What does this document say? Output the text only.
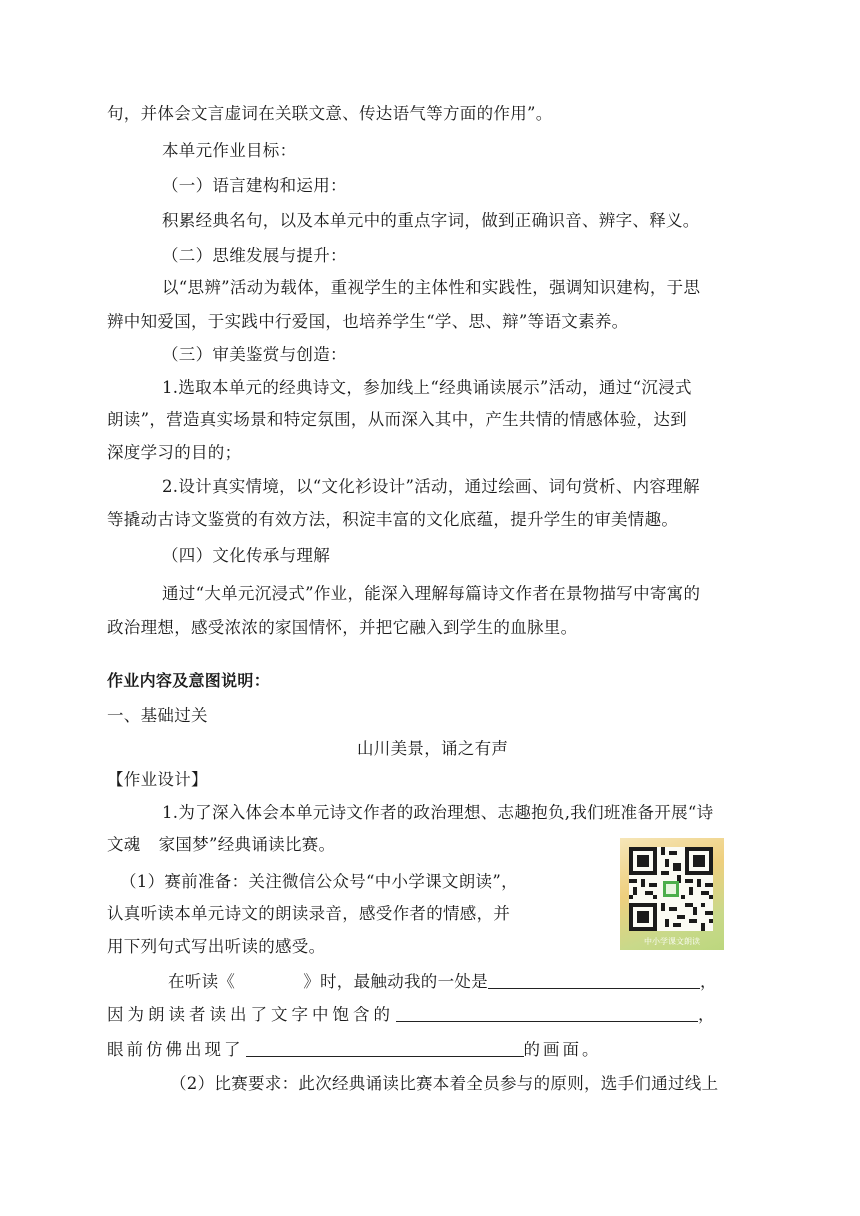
句，并体会文言虚词在关联文意、传达语气等方面的作用”。
本单元作业目标：
（一）语言建构和运用：
积累经典名句，以及本单元中的重点字词，做到正确识音、辨字、释义。
（二）思维发展与提升：
以“思辨”活动为载体，重视学生的主体性和实践性，强调知识建构，于思
辨中知爱国，于实践中行爱国，也培养学生“学、思、辩”等语文素养。
（三）审美鉴赏与创造：
1.选取本单元的经典诗文，参加线上“经典诵读展示”活动，通过“沉浸式
朗读”，营造真实场景和特定氛围，从而深入其中，产生共情的情感体验，达到
深度学习的目的；
2.设计真实情境，以“文化衫设计”活动，通过绘画、词句赏析、内容理解
等撬动古诗文鉴赏的有效方法，积淀丰富的文化底蕴，提升学生的审美情趣。
（四）文化传承与理解
通过“大单元沉浸式”作业，能深入理解每篇诗文作者在景物描写中寄寓的
政治理想，感受浓浓的家国情怀，并把它融入到学生的血脉里。
作业内容及意图说明：
一、基础过关
山川美景，诵之有声
【作业设计】
1.为了深入体会本单元诗文作者的政治理想、志趣抱负,我们班准备开展“诗
文魂 家国梦”经典诵读比赛。
（1）赛前准备：关注微信公众号“中小学课文朗读”，
认真听读本单元诗文的朗读录音，感受作者的情感，并
用下列句式写出听读的感受。
在听读《	》时，最触动我的一处是	，
因为朗读者读出了文字中饱含的	，
眼前仿佛出现了	的画面。
（2）比赛要求：此次经典诵读比赛本着全员参与的原则，选手们通过线上
中小学课文朗读
